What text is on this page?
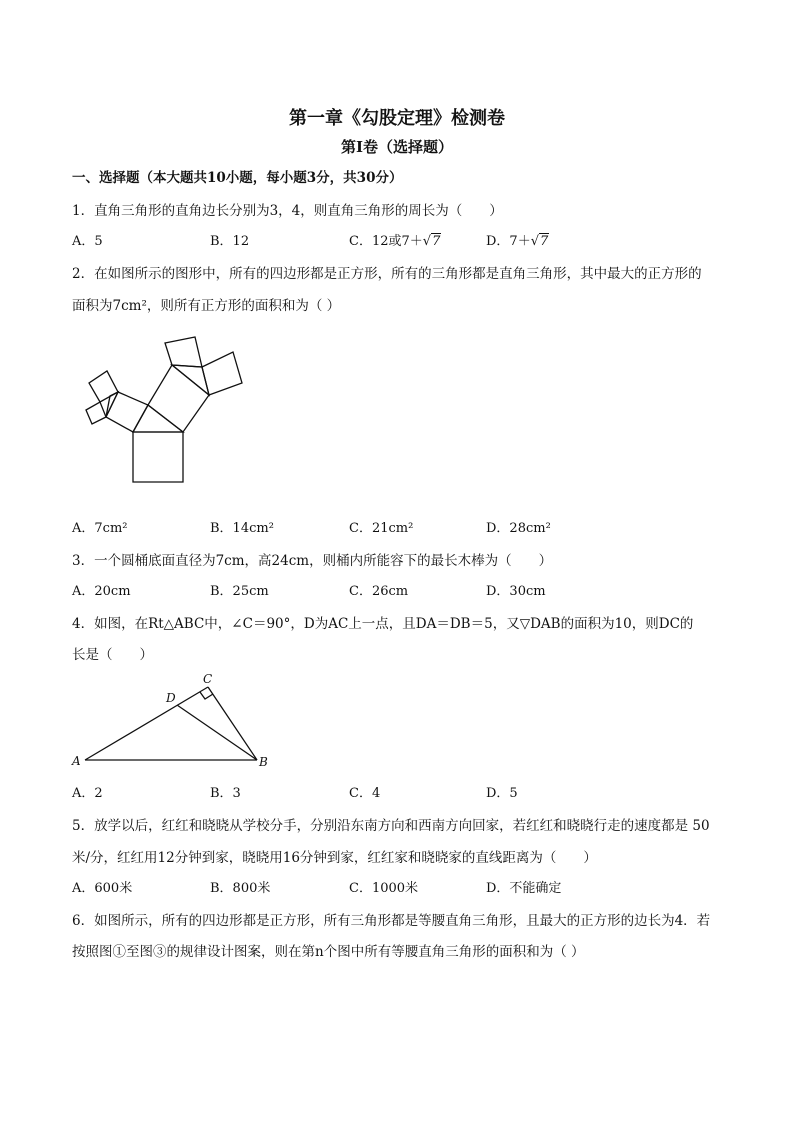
第一章《勾股定理》检测卷
第Ⅰ卷（选择题）
一、选择题（本大题共10小题，每小题3分，共30分）
1．直角三角形的直角边长分别为3，4，则直角三角形的周长为（　　）
A．5	B．12	C．12或7＋√7	D．7＋√7
2．在如图所示的图形中，所有的四边形都是正方形，所有的三角形都是直角三角形，其中最大的正方形的
面积为7cm²，则所有正方形的面积和为（ ）
A．7cm²	B．14cm²	C．21cm²	D．28cm²
3．一个圆桶底面直径为7cm，高24cm，则桶内所能容下的最长木棒为（　　）
A．20cm	B．25cm	C．26cm	D．30cm
4．如图，在Rt△ABC中，∠C＝90°，D为AC上一点，且DA＝DB＝5，又▽DAB的面积为10，则DC的
长是（　　）
A	B
C
D
A．2	B．3	C．4	D．5
5．放学以后，红红和晓晓从学校分手，分别沿东南方向和西南方向回家，若红红和晓晓行走的速度都是 50
米/分，红红用12分钟到家，晓晓用16分钟到家，红红家和晓晓家的直线距离为（　　）
A．600米	B．800米	C．1000米	D．不能确定
6．如图所示，所有的四边形都是正方形，所有三角形都是等腰直角三角形，且最大的正方形的边长为4．若
按照图①至图③的规律设计图案，则在第n个图中所有等腰直角三角形的面积和为（ ）
